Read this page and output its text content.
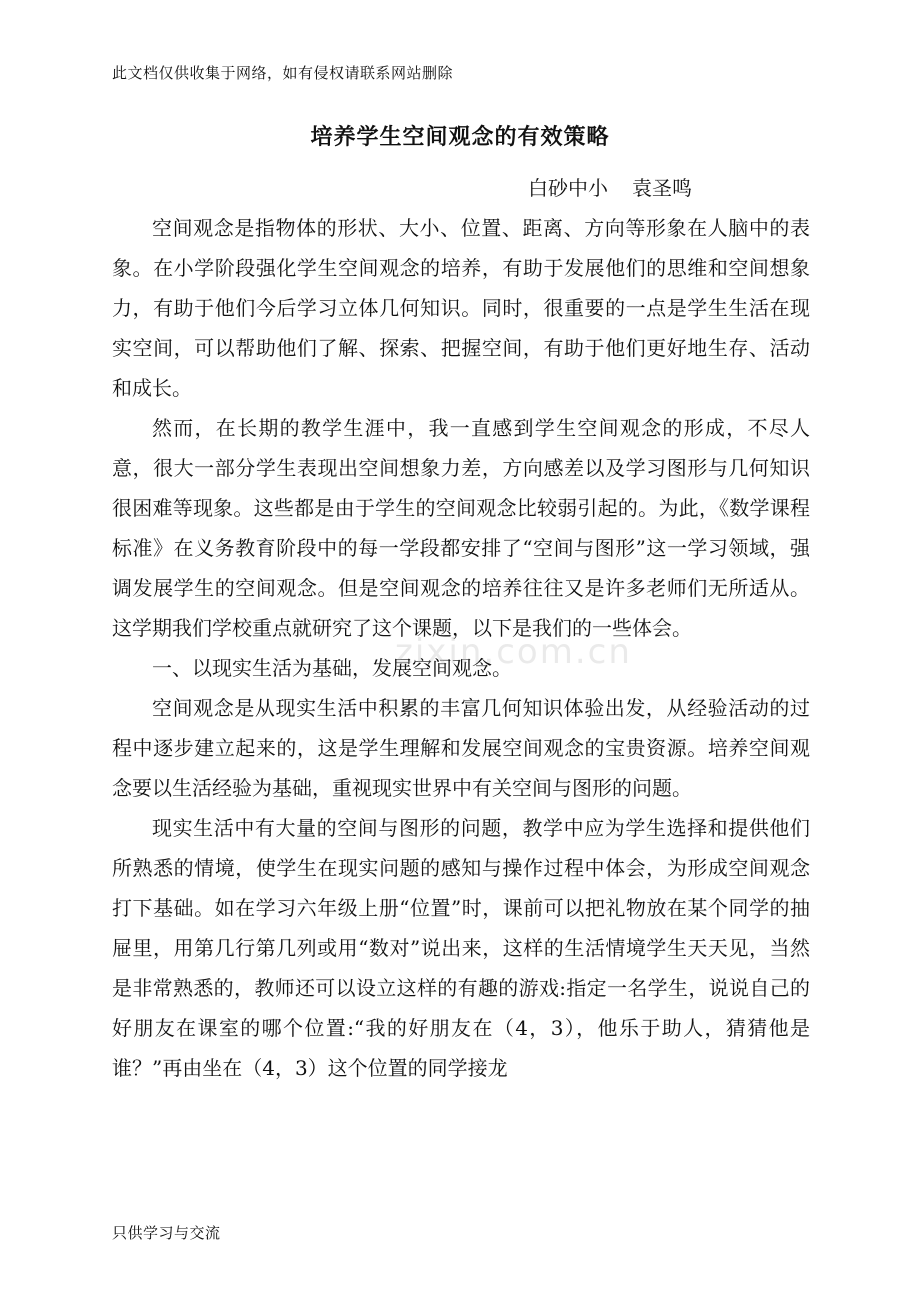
此文档仅供收集于网络，如有侵权请联系网站删除
培养学生空间观念的有效策略
白砂中小 袁圣鸣

空间观念是指物体的形状、大小、位置、距离、方向等形象在人脑中的表象。在小学阶段强化学生空间观念的培养，有助于发展他们的思维和空间想象力，有助于他们今后学习立体几何知识。同时，很重要的一点是学生生活在现实空间，可以帮助他们了解、探索、把握空间，有助于他们更好地生存、活动和成长。

然而，在长期的教学生涯中，我一直感到学生空间观念的形成，不尽人意，很大一部分学生表现出空间想象力差，方向感差以及学习图形与几何知识很困难等现象。这些都是由于学生的空间观念比较弱引起的。为此，《数学课程标准》在义务教育阶段中的每一学段都安排了“空间与图形”这一学习领域，强调发展学生的空间观念。但是空间观念的培养往往又是许多老师们无所适从。这学期我们学校重点就研究了这个课题，以下是我们的一些体会。

一、以现实生活为基础，发展空间观念。

空间观念是从现实生活中积累的丰富几何知识体验出发，从经验活动的过程中逐步建立起来的，这是学生理解和发展空间观念的宝贵资源。培养空间观念要以生活经验为基础，重视现实世界中有关空间与图形的问题。

现实生活中有大量的空间与图形的问题，教学中应为学生选择和提供他们所熟悉的情境，使学生在现实问题的感知与操作过程中体会，为形成空间观念打下基础。如在学习六年级上册“位置”时，课前可以把礼物放在某个同学的抽屉里，用第几行第几列或用“数对”说出来，这样的生活情境学生天天见，当然是非常熟悉的，教师还可以设立这样的有趣的游戏:指定一名学生，说说自己的好朋友在课室的哪个位置:“我的好朋友在（4，3），他乐于助人，猜猜他是谁？”再由坐在（4，3）这个位置的同学接龙

zixin.com.cn
只供学习与交流
